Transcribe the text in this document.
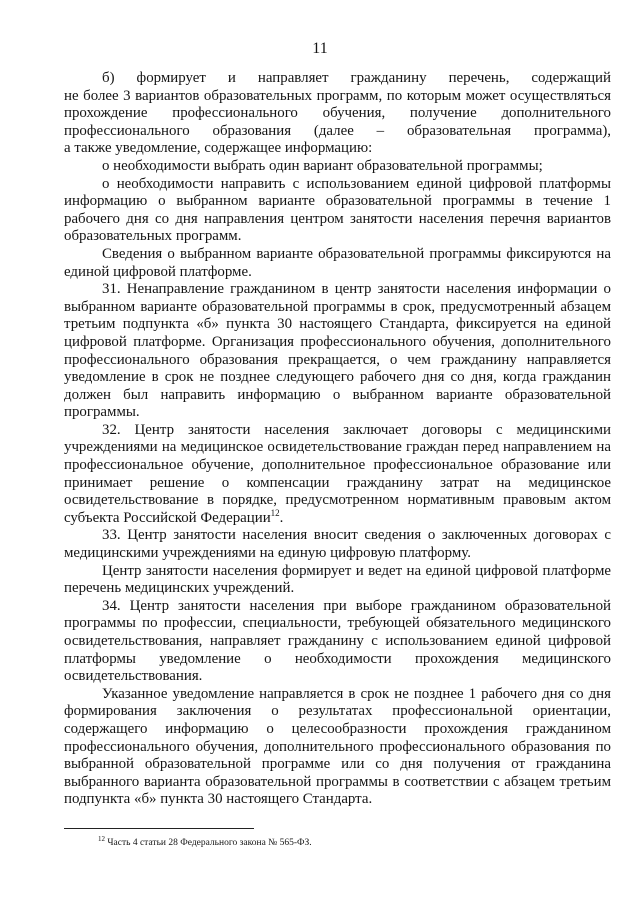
11
б) формирует и направляет гражданину перечень, содержащий
не более 3 вариантов образовательных программ, по которым может осуществляться
прохождение профессионального обучения, получение дополнительного
профессионального образования (далее – образовательная программа),
а также уведомление, содержащее информацию:

о необходимости выбрать один вариант образовательной программы;

о необходимости направить с использованием единой цифровой платформы информацию о выбранном варианте образовательной программы в течение 1 рабочего дня со дня направления центром занятости населения перечня вариантов образовательных программ.

Сведения о выбранном варианте образовательной программы фиксируются на единой цифровой платформе.

31. Ненаправление гражданином в центр занятости населения информации о выбранном варианте образовательной программы в срок, предусмотренный абзацем третьим подпункта «б» пункта 30 настоящего Стандарта, фиксируется на единой цифровой платформе. Организация профессионального обучения, дополнительного профессионального образования прекращается, о чем гражданину направляется уведомление в срок не позднее следующего рабочего дня со дня, когда гражданин должен был направить информацию о выбранном варианте образовательной программы.

32. Центр занятости населения заключает договоры с медицинскими учреждениями на медицинское освидетельствование граждан перед направлением на профессиональное обучение, дополнительное профессиональное образование или принимает решение о компенсации гражданину затрат на медицинское освидетельствование в порядке, предусмотренном нормативным правовым актом субъекта Российской Федерации$^{12}$.

33. Центр занятости населения вносит сведения о заключенных договорах с медицинскими учреждениями на единую цифровую платформу.

Центр занятости населения формирует и ведет на единой цифровой платформе перечень медицинских учреждений.

34. Центр занятости населения при выборе гражданином образовательной программы по профессии, специальности, требующей обязательного медицинского освидетельствования, направляет гражданину с использованием единой цифровой платформы уведомление о необходимости прохождения медицинского освидетельствования.

Указанное уведомление направляется в срок не позднее 1 рабочего дня со дня формирования заключения о результатах профессиональной ориентации, содержащего информацию о целесообразности прохождения гражданином профессионального обучения, дополнительного профессионального образования по выбранной образовательной программе или со дня получения от гражданина выбранного варианта образовательной программы в соответствии с абзацем третьим подпункта «б» пункта 30 настоящего Стандарта.

$^{12}$ Часть 4 статьи 28 Федерального закона № 565-ФЗ.
